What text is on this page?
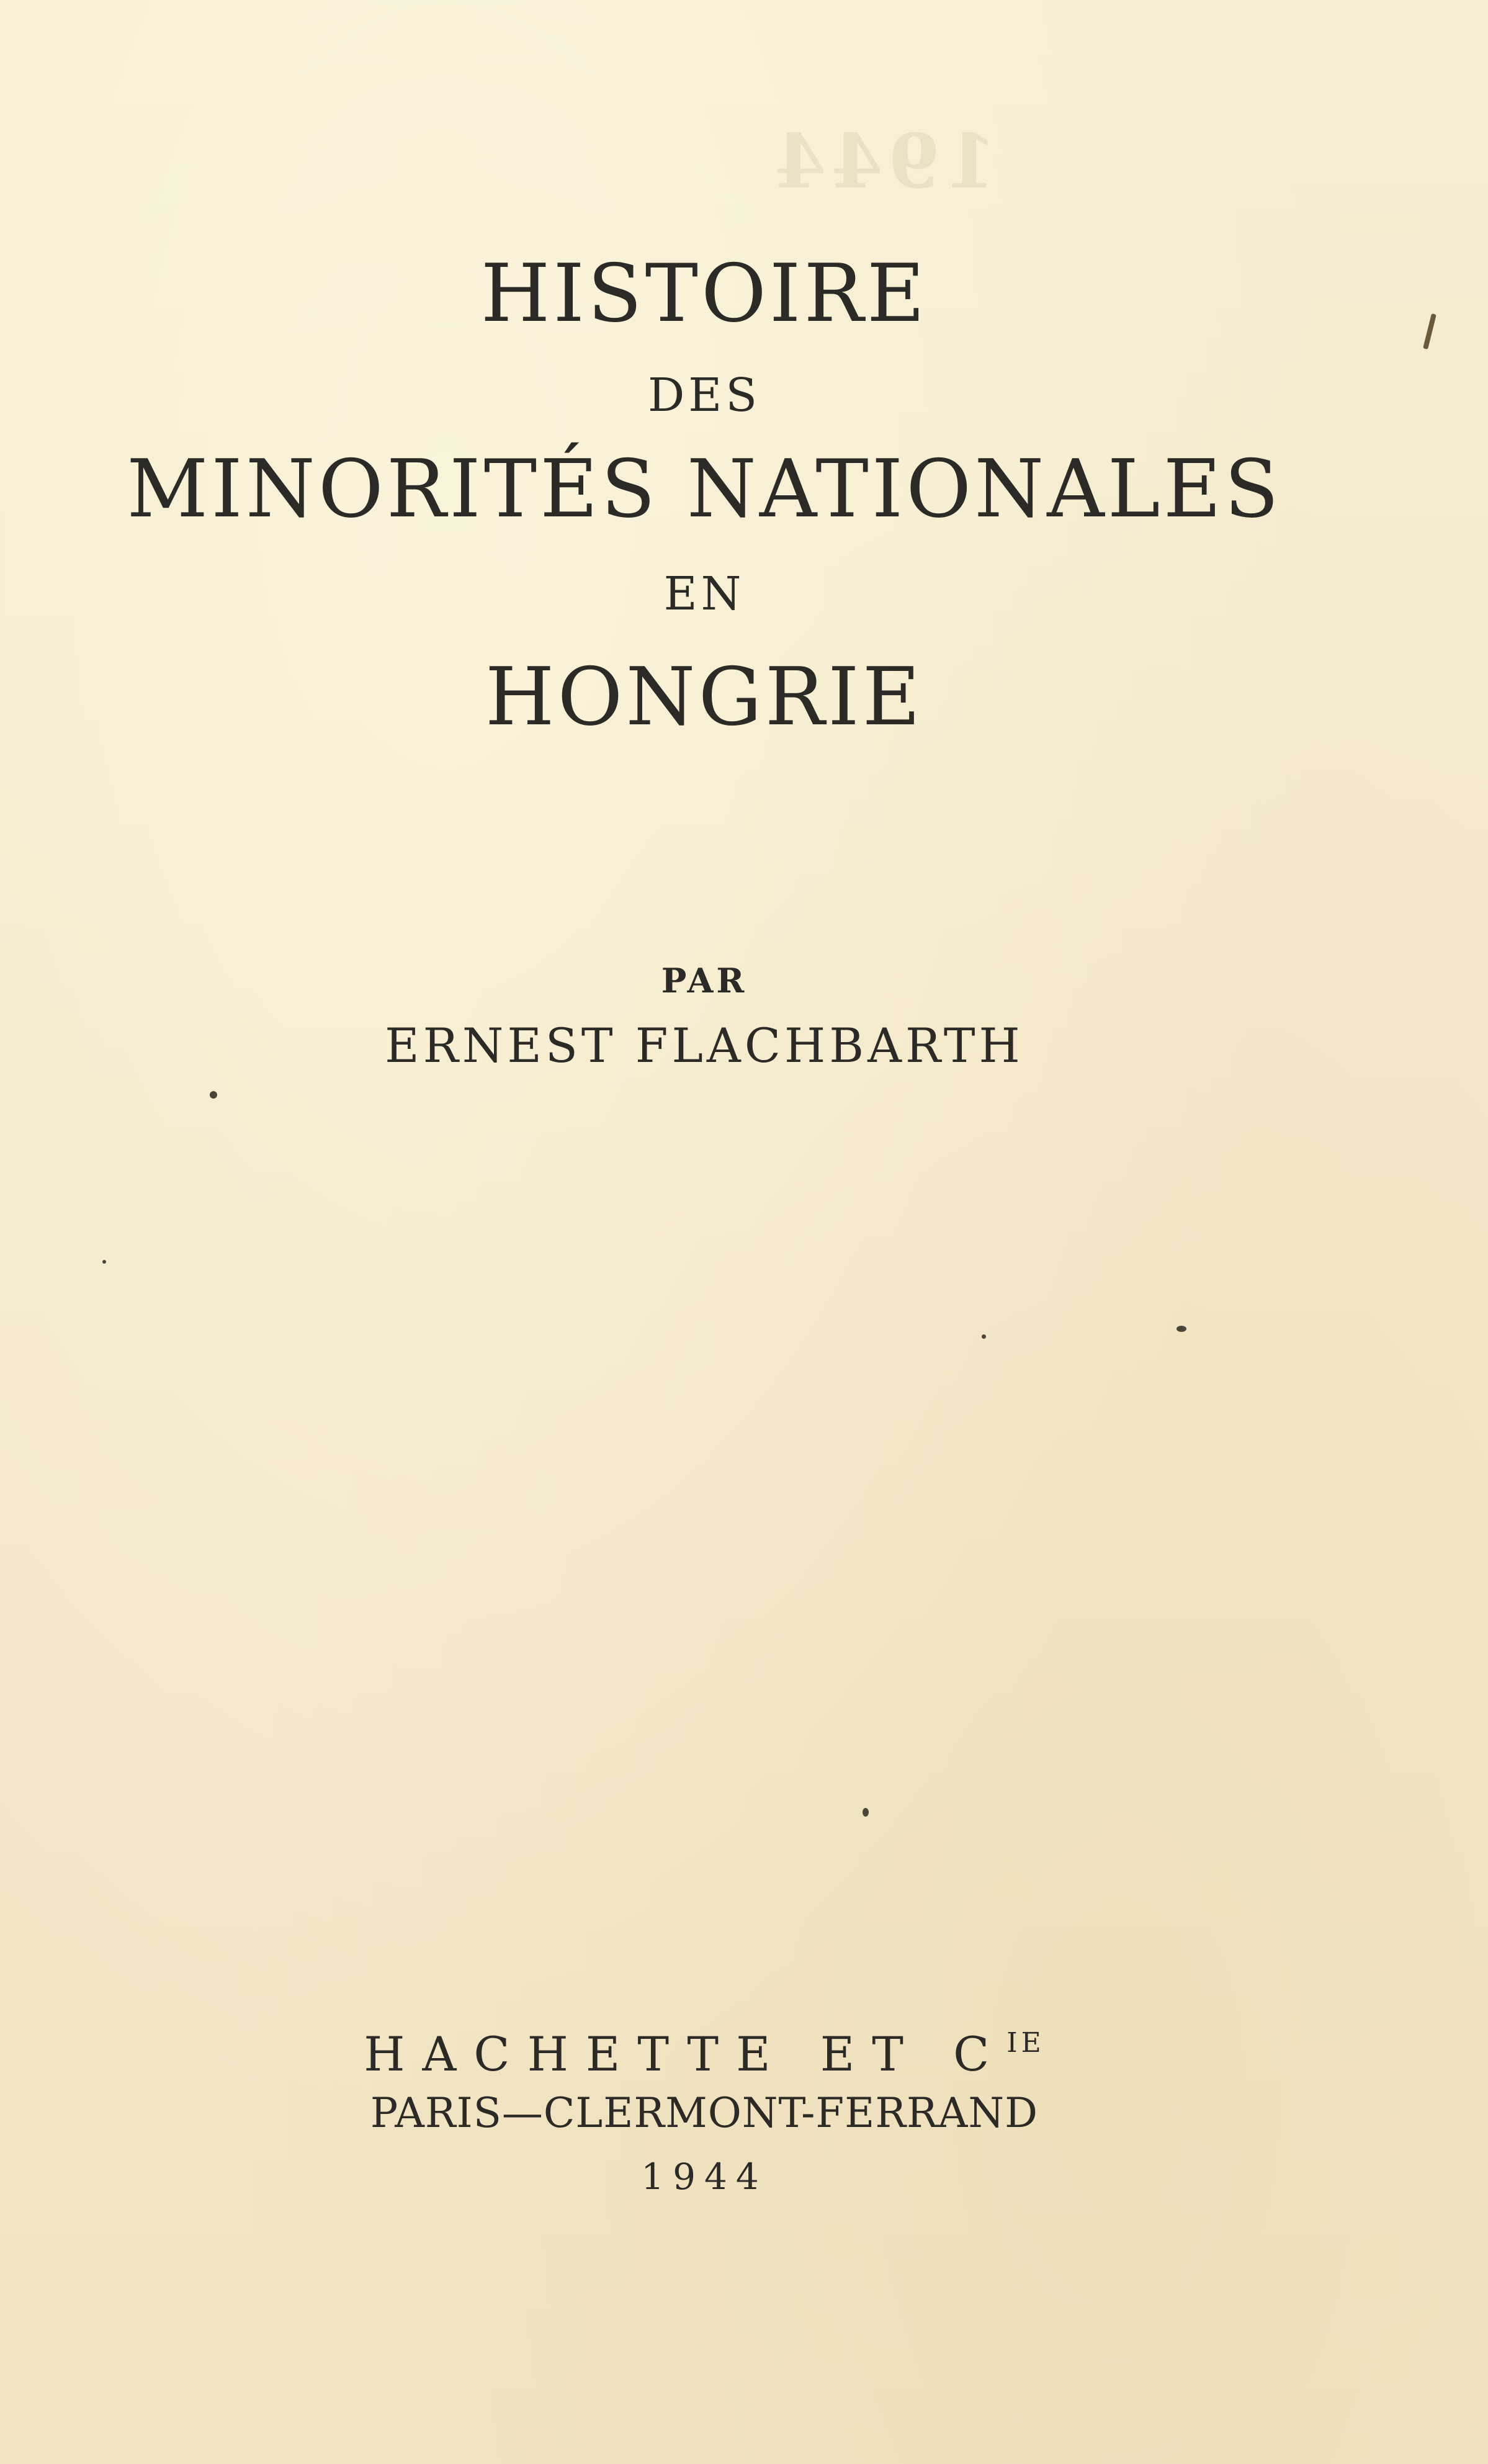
1944
HISTOIRE
DES
MINORITÉS NATIONALES
EN
HONGRIE
PAR
ERNEST FLACHBARTH
HACHETTE ET $C^{IE}$
PARIS—CLERMONT-FERRAND
1944
